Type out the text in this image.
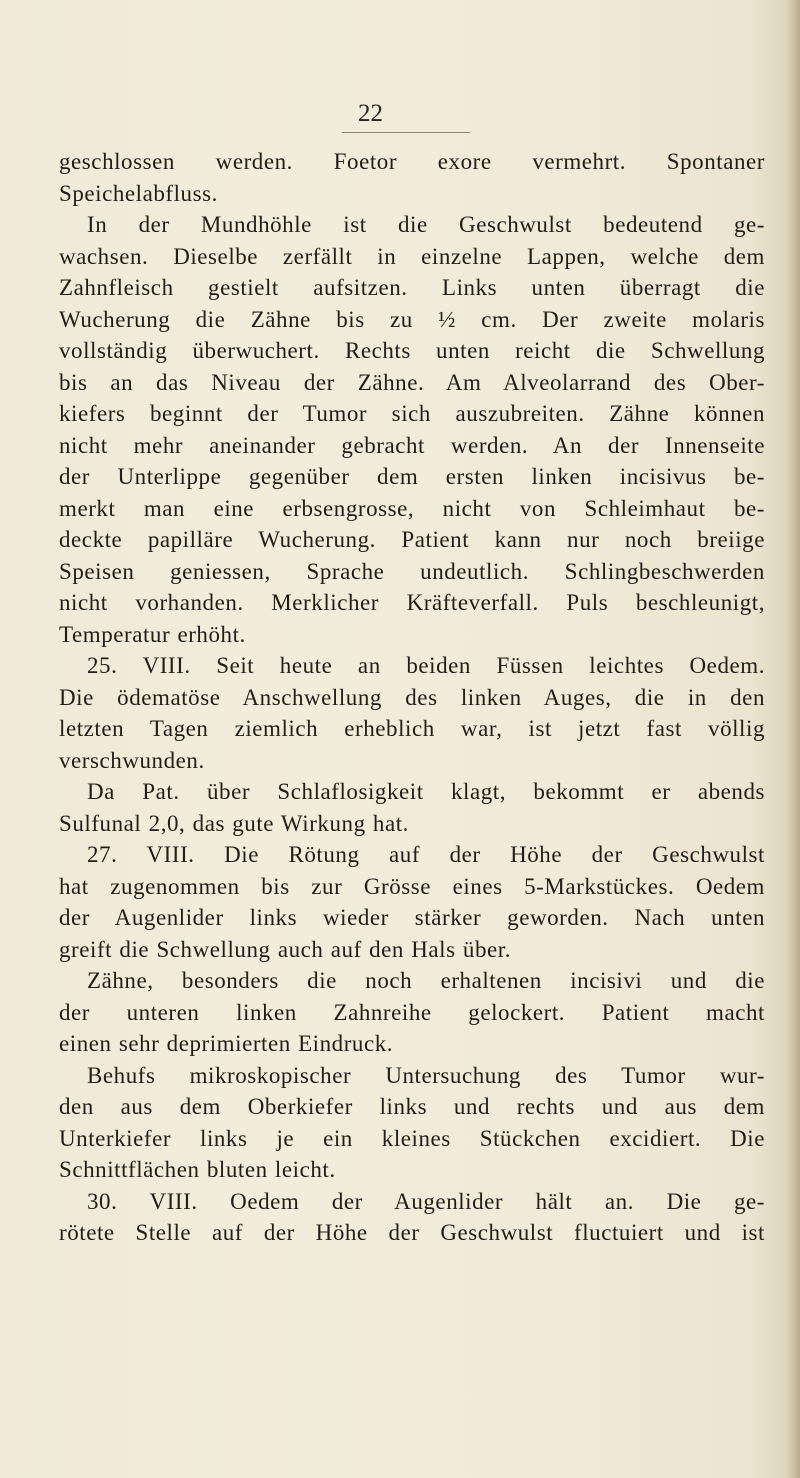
22
geschlossen werden. Foetor exore vermehrt. Spontaner
Speichelabfluss.
In der Mundhöhle ist die Geschwulst bedeutend ge-
wachsen. Dieselbe zerfällt in einzelne Lappen, welche dem
Zahnfleisch gestielt aufsitzen. Links unten überragt die
Wucherung die Zähne bis zu ½ cm. Der zweite molaris
vollständig überwuchert. Rechts unten reicht die Schwellung
bis an das Niveau der Zähne. Am Alveolarrand des Ober-
kiefers beginnt der Tumor sich auszubreiten. Zähne können
nicht mehr aneinander gebracht werden. An der Innenseite
der Unterlippe gegenüber dem ersten linken incisivus be-
merkt man eine erbsengrosse, nicht von Schleimhaut be-
deckte papilläre Wucherung. Patient kann nur noch breiige
Speisen geniessen, Sprache undeutlich. Schlingbeschwerden
nicht vorhanden. Merklicher Kräfteverfall. Puls beschleunigt,
Temperatur erhöht.
25. VIII. Seit heute an beiden Füssen leichtes Oedem.
Die ödematöse Anschwellung des linken Auges, die in den
letzten Tagen ziemlich erheblich war, ist jetzt fast völlig
verschwunden.
Da Pat. über Schlaflosigkeit klagt, bekommt er abends
Sulfunal 2,0, das gute Wirkung hat.
27. VIII. Die Rötung auf der Höhe der Geschwulst
hat zugenommen bis zur Grösse eines 5-Markstückes. Oedem
der Augenlider links wieder stärker geworden. Nach unten
greift die Schwellung auch auf den Hals über.
Zähne, besonders die noch erhaltenen incisivi und die
der unteren linken Zahnreihe gelockert. Patient macht
einen sehr deprimierten Eindruck.
Behufs mikroskopischer Untersuchung des Tumor wur-
den aus dem Oberkiefer links und rechts und aus dem
Unterkiefer links je ein kleines Stückchen excidiert. Die
Schnittflächen bluten leicht.
30. VIII. Oedem der Augenlider hält an. Die ge-
rötete Stelle auf der Höhe der Geschwulst fluctuiert und ist
